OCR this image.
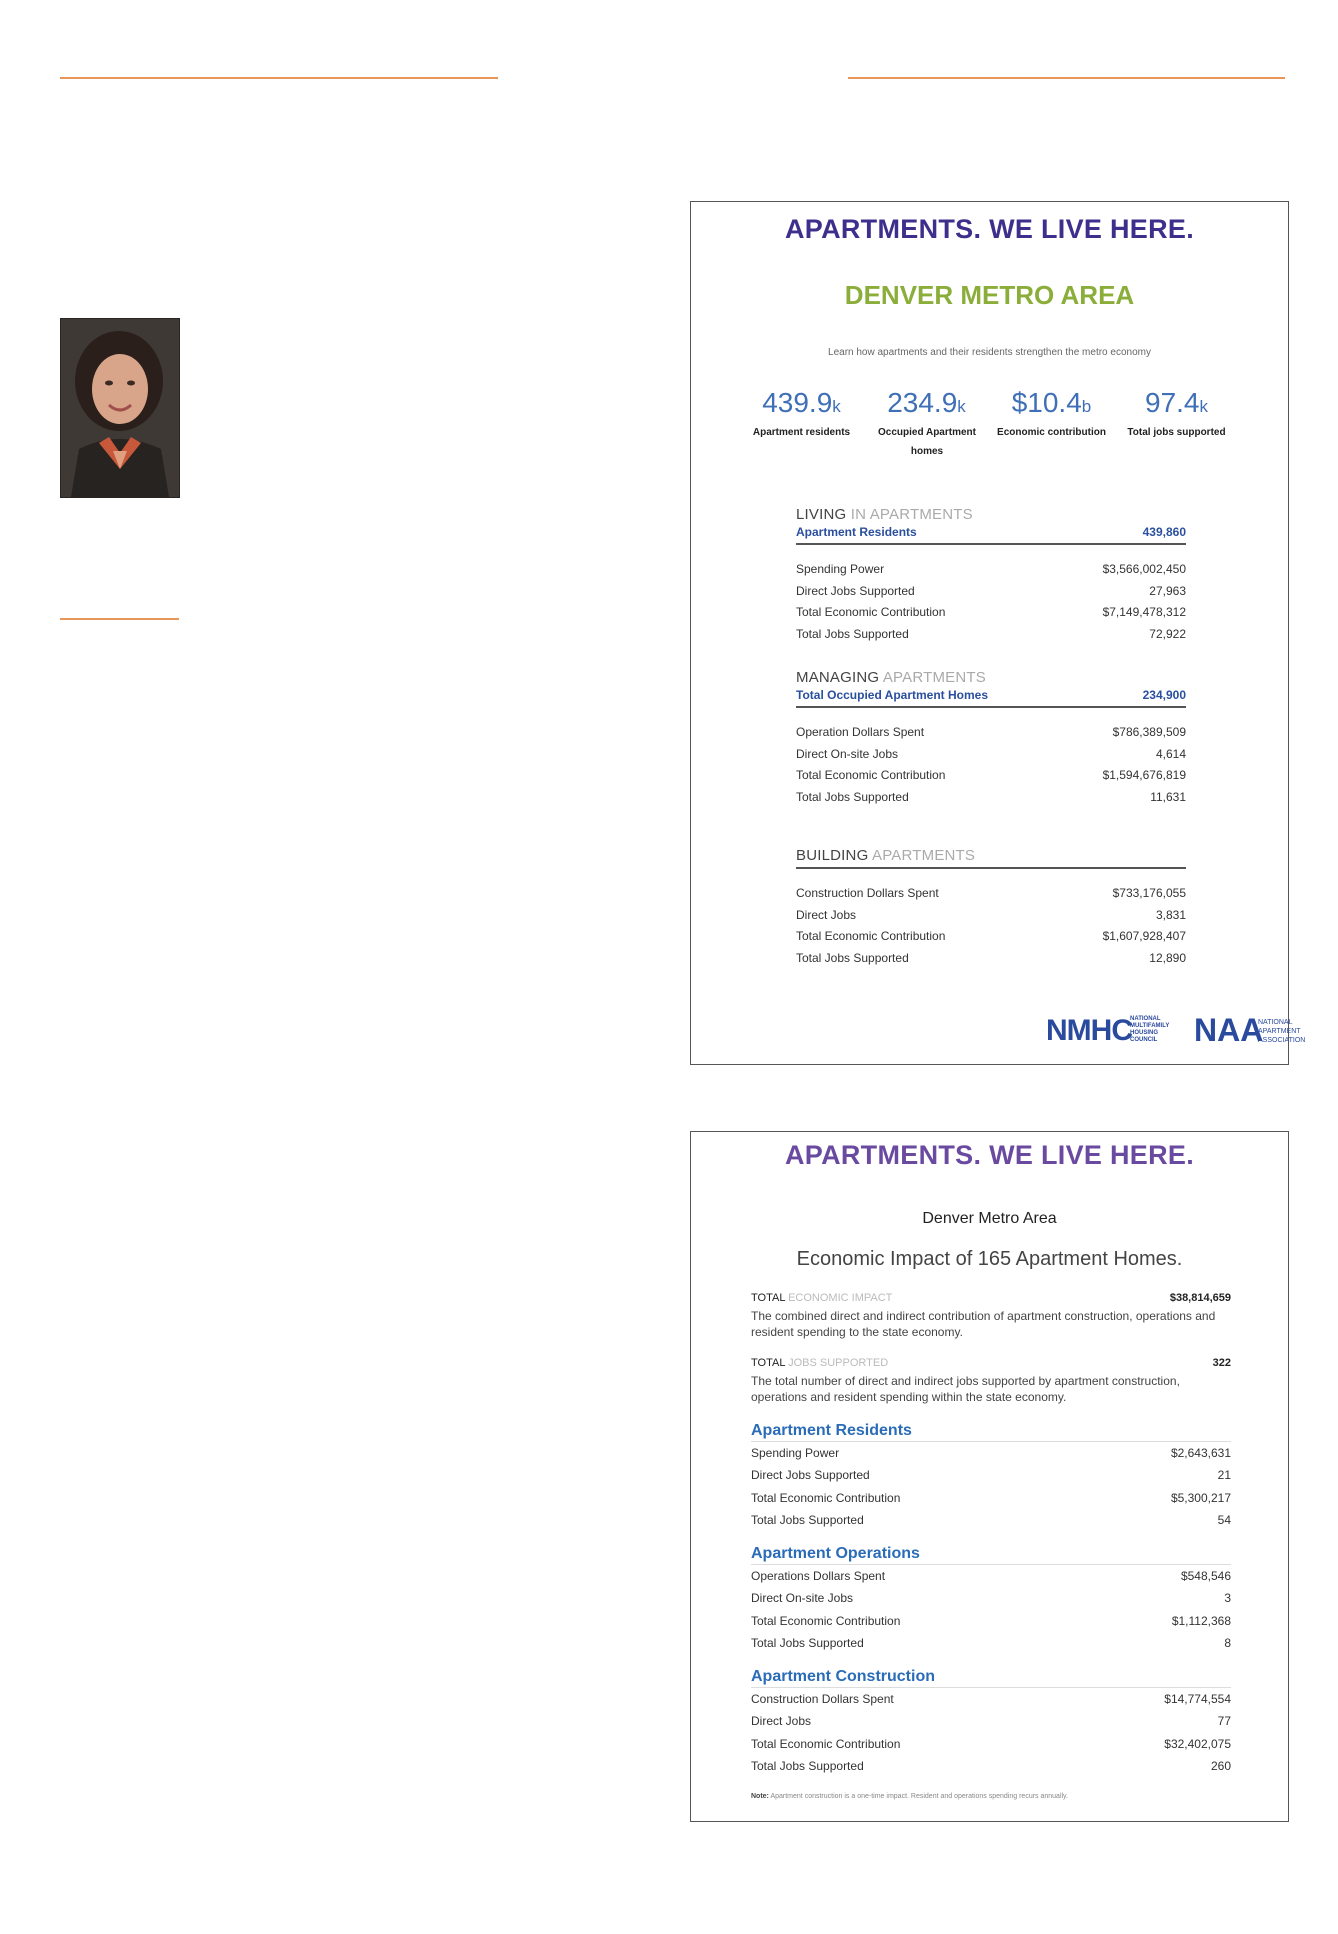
APARTMENTS. WE LIVE HERE.
DENVER METRO AREA
Learn how apartments and their residents strengthen the metro economy
439.9k
Apartment residents
234.9k
Occupied Apartment homes
$10.4b
Economic contribution
97.4k
Total jobs supported
LIVING IN APARTMENTS
Apartment Residents	439,860
Spending Power	$3,566,002,450
Direct Jobs Supported	27,963
Total Economic Contribution	$7,149,478,312
Total Jobs Supported	72,922
MANAGING APARTMENTS
Total Occupied Apartment Homes	234,900
Operation Dollars Spent	$786,389,509
Direct On-site Jobs	4,614
Total Economic Contribution	$1,594,676,819
Total Jobs Supported	11,631
BUILDING APARTMENTS
Construction Dollars Spent	$733,176,055
Direct Jobs	3,831
Total Economic Contribution	$1,607,928,407
Total Jobs Supported	12,890
NMHC
NATIONAL MULTIFAMILY HOUSING COUNCIL	NAA
NATIONAL APARTMENT ASSOCIATION
APARTMENTS. WE LIVE HERE.
Denver Metro Area
Economic Impact of 165 Apartment Homes.
TOTAL ECONOMIC IMPACT	$38,814,659
The combined direct and indirect contribution of apartment construction, operations and resident spending to the state economy.
TOTAL JOBS SUPPORTED	322
The total number of direct and indirect jobs supported by apartment construction, operations and resident spending within the state economy.
Apartment Residents
Spending Power	$2,643,631
Direct Jobs Supported	21
Total Economic Contribution	$5,300,217
Total Jobs Supported	54
Apartment Operations
Operations Dollars Spent	$548,546
Direct On-site Jobs	3
Total Economic Contribution	$1,112,368
Total Jobs Supported	8
Apartment Construction
Construction Dollars Spent	$14,774,554
Direct Jobs	77
Total Economic Contribution	$32,402,075
Total Jobs Supported	260
Note: Apartment construction is a one-time impact. Resident and operations spending recurs annually.
